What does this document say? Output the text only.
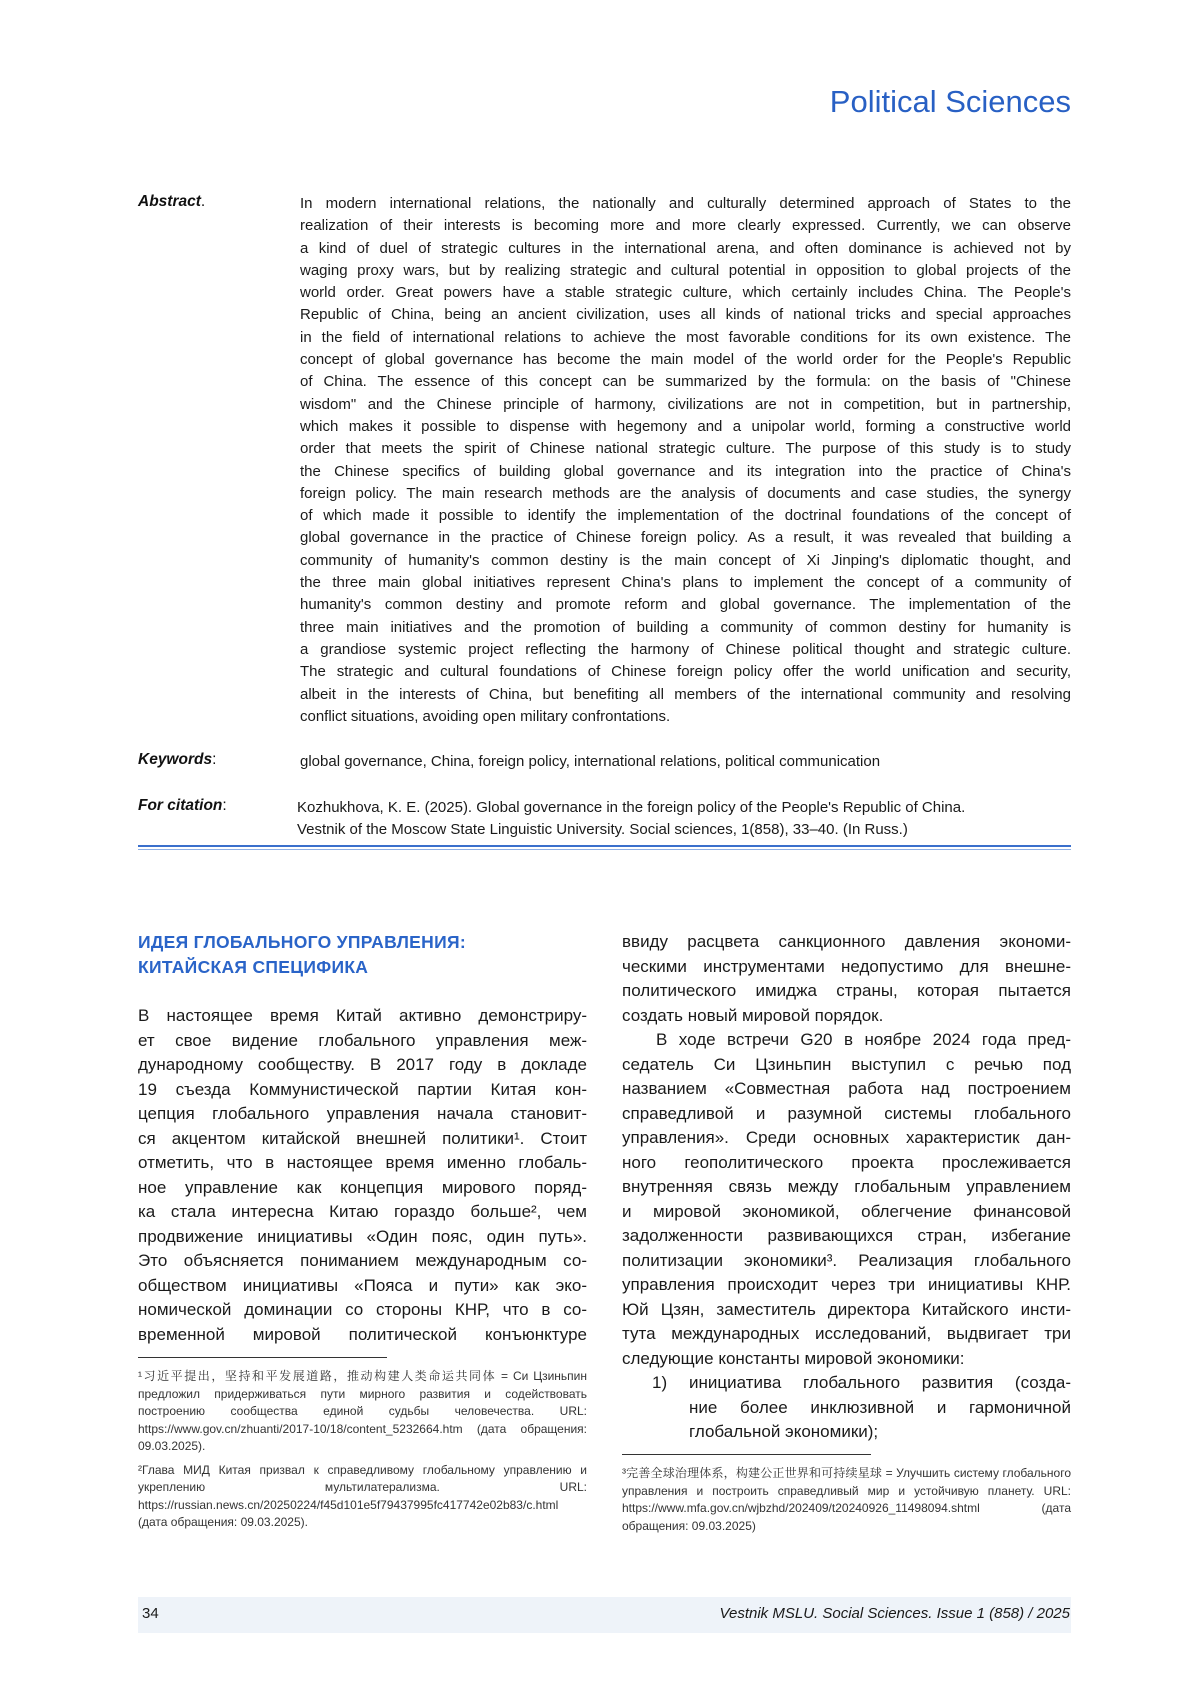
Political Sciences
Abstract.	In modern international relations, the nationally and culturally determined approach of States to the
realization of their interests is becoming more and more clearly expressed. Currently, we can observe
a kind of duel of strategic cultures in the international arena, and often dominance is achieved not by
waging proxy wars, but by realizing strategic and cultural potential in opposition to global projects of the
world order. Great powers have a stable strategic culture, which certainly includes China. The People's
Republic of China, being an ancient civilization, uses all kinds of national tricks and special approaches
in the field of international relations to achieve the most favorable conditions for its own existence. The
concept of global governance has become the main model of the world order for the People's Republic
of China. The essence of this concept can be summarized by the formula: on the basis of "Chinese
wisdom" and the Chinese principle of harmony, civilizations are not in competition, but in partnership,
which makes it possible to dispense with hegemony and a unipolar world, forming a constructive world
order that meets the spirit of Chinese national strategic culture. The purpose of this study is to study
the Chinese specifics of building global governance and its integration into the practice of China's
foreign policy. The main research methods are the analysis of documents and case studies, the synergy
of which made it possible to identify the implementation of the doctrinal foundations of the concept of
global governance in the practice of Chinese foreign policy. As a result, it was revealed that building a
community of humanity's common destiny is the main concept of Xi Jinping's diplomatic thought, and
the three main global initiatives represent China's plans to implement the concept of a community of
humanity's common destiny and promote reform and global governance. The implementation of the
three main initiatives and the promotion of building a community of common destiny for humanity is
a grandiose systemic project reflecting the harmony of Chinese political thought and strategic culture.
The strategic and cultural foundations of Chinese foreign policy offer the world unification and security,
albeit in the interests of China, but benefiting all members of the international community and resolving
conflict situations, avoiding open military confrontations.
Keywords:	global governance, China, foreign policy, international relations, political communication
For citation:	Kozhukhova, K. E. (2025). Global governance in the foreign policy of the People's Republic of China.
Vestnik of the Moscow State Linguistic University. Social sciences, 1(858), 33–40. (In Russ.)
ИДЕЯ ГЛОБАЛЬНОГО УПРАВЛЕНИЯ:
КИТАЙСКАЯ СПЕЦИФИКА
В настоящее время Китай активно демонстриру-
ет свое видение глобального управления меж-
дународному сообществу. В 2017 году в докладе
19 съезда Коммунистической партии Китая кон-
цепция глобального управления начала становит-
ся акцентом китайской внешней политики¹. Стоит
отметить, что в настоящее время именно глобаль-
ное управление как концепция мирового поряд-
ка стала интересна Китаю гораздо больше², чем
продвижение инициативы «Один пояс, один путь».
Это объясняется пониманием международным со-
обществом инициативы «Пояса и пути» как эко-
номической доминации со стороны КНР, что в со-
временной мировой политической конъюнктуре
ввиду расцвета санкционного давления экономи-
ческими инструментами недопустимо для внешне-
политического имиджа страны, которая пытается
создать новый мировой порядок.
В ходе встречи G20 в ноябре 2024 года пред-
седатель Си Цзиньпин выступил с речью под
названием «Совместная работа над построением
справедливой и разумной системы глобального
управления». Среди основных характеристик дан-
ного геополитического проекта прослеживается
внутренняя связь между глобальным управлением
и мировой экономикой, облегчение финансовой
задолженности развивающихся стран, избегание
политизации экономики³. Реализация глобального
управления происходит через три инициативы КНР.
Юй Цзян, заместитель директора Китайского инсти-
тута международных исследований, выдвигает три
следующие константы мировой экономики:
1) инициатива глобального развития (созда-
ние более инклюзивной и гармоничной
глобальной экономики);

¹习近平提出，坚持和平发展道路，推动构建人类命运共同体 = Си Цзиньпин предложил придерживаться пути мирного развития и содействовать построению сообщества единой судьбы человечества. URL: https://www.gov.cn/zhuanti/2017-10/18/content_5232664.htm (дата обращения: 09.03.2025).

²Глава МИД Китая призвал к справедливому глобальному управлению и укреплению мультилатерализма. URL: https://russian.news.cn/20250224/f45d101e5f79437995fc417742e02b83/c.html (дата обращения: 09.03.2025).

³完善全球治理体系，构建公正世界和可持续星球 = Улучшить систему глобального управления и построить справедливый мир и устойчивую планету. URL: https://www.mfa.gov.cn/wjbzhd/202409/t20240926_11498094.shtml (дата обращения: 09.03.2025)

34	Vestnik MSLU. Social Sciences. Issue 1 (858) / 2025
